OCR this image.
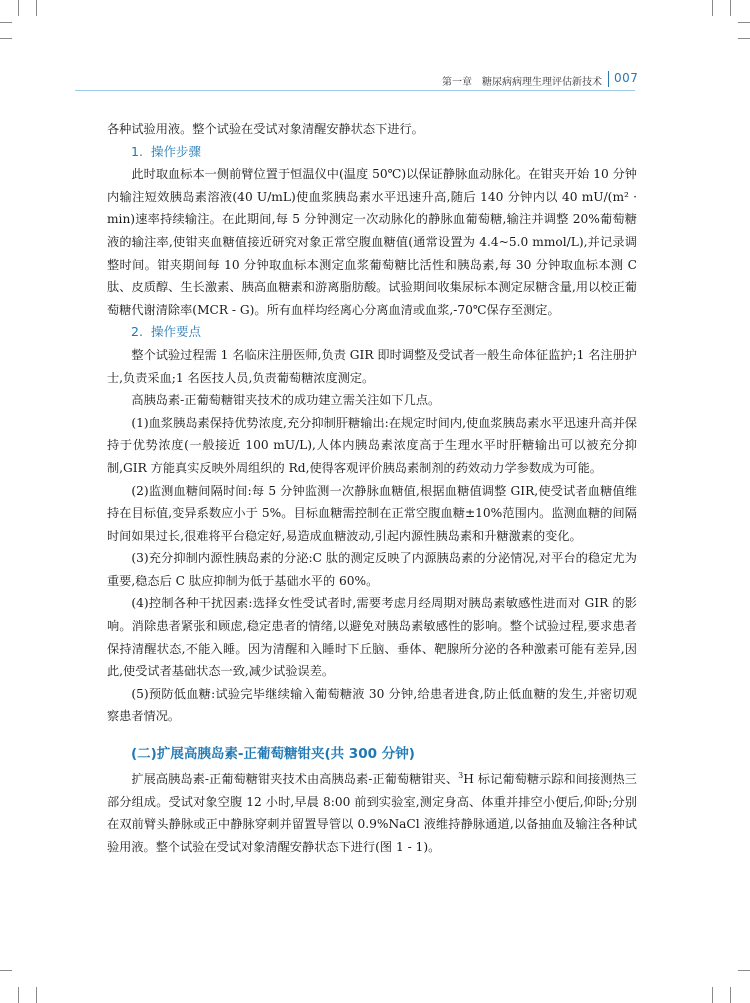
第一章　糖尿病病理生理评估新技术 007

各种试验用液。整个试验在受试对象清醒安静状态下进行。

1. 操作步骤

此时取血标本一侧前臂位置于恒温仪中(温度 50℃)以保证静脉血动脉化。在钳夹开始 10 分钟内输注短效胰岛素溶液(40 U/mL)使血浆胰岛素水平迅速升高,随后 140 分钟内以 40 mU/(m² · min)速率持续输注。在此期间,每 5 分钟测定一次动脉化的静脉血葡萄糖,输注并调整 20%葡萄糖液的输注率,使钳夹血糖值接近研究对象正常空腹血糖值(通常设置为 4.4~5.0 mmol/L),并记录调整时间。钳夹期间每 10 分钟取血标本测定血浆葡萄糖比活性和胰岛素,每 30 分钟取血标本测 C 肽、皮质醇、生长激素、胰高血糖素和游离脂肪酸。试验期间收集尿标本测定尿糖含量,用以校正葡萄糖代谢清除率(MCR - G)。所有血样均经离心分离血清或血浆,-70℃保存至测定。

2. 操作要点

整个试验过程需 1 名临床注册医师,负责 GIR 即时调整及受试者一般生命体征监护;1 名注册护士,负责采血;1 名医技人员,负责葡萄糖浓度测定。

高胰岛素-正葡萄糖钳夹技术的成功建立需关注如下几点。

(1)血浆胰岛素保持优势浓度,充分抑制肝糖输出:在规定时间内,使血浆胰岛素水平迅速升高并保持于优势浓度(一般接近 100 mU/L),人体内胰岛素浓度高于生理水平时肝糖输出可以被充分抑制,GIR 方能真实反映外周组织的 Rd,使得客观评价胰岛素制剂的药效动力学参数成为可能。

(2)监测血糖间隔时间:每 5 分钟监测一次静脉血糖值,根据血糖值调整 GIR,使受试者血糖值维持在目标值,变异系数应小于 5%。目标血糖需控制在正常空腹血糖±10%范围内。监测血糖的间隔时间如果过长,很难将平台稳定好,易造成血糖波动,引起内源性胰岛素和升糖激素的变化。

(3)充分抑制内源性胰岛素的分泌:C 肽的测定反映了内源胰岛素的分泌情况,对平台的稳定尤为重要,稳态后 C 肽应抑制为低于基础水平的 60%。

(4)控制各种干扰因素:选择女性受试者时,需要考虑月经周期对胰岛素敏感性进而对 GIR 的影响。消除患者紧张和顾虑,稳定患者的情绪,以避免对胰岛素敏感性的影响。整个试验过程,要求患者保持清醒状态,不能入睡。因为清醒和入睡时下丘脑、垂体、靶腺所分泌的各种激素可能有差异,因此,使受试者基础状态一致,减少试验误差。

(5)预防低血糖:试验完毕继续输入葡萄糖液 30 分钟,给患者进食,防止低血糖的发生,并密切观察患者情况。

(二)扩展高胰岛素-正葡萄糖钳夹(共 300 分钟)

扩展高胰岛素-正葡萄糖钳夹技术由高胰岛素-正葡萄糖钳夹、$^3$H 标记葡萄糖示踪和间接测热三部分组成。受试对象空腹 12 小时,早晨 8:00 前到实验室,测定身高、体重并排空小便后,仰卧;分别在双前臂头静脉或正中静脉穿刺并留置导管以 0.9%NaCl 液维持静脉通道,以备抽血及输注各种试验用液。整个试验在受试对象清醒安静状态下进行(图 1 - 1)。
